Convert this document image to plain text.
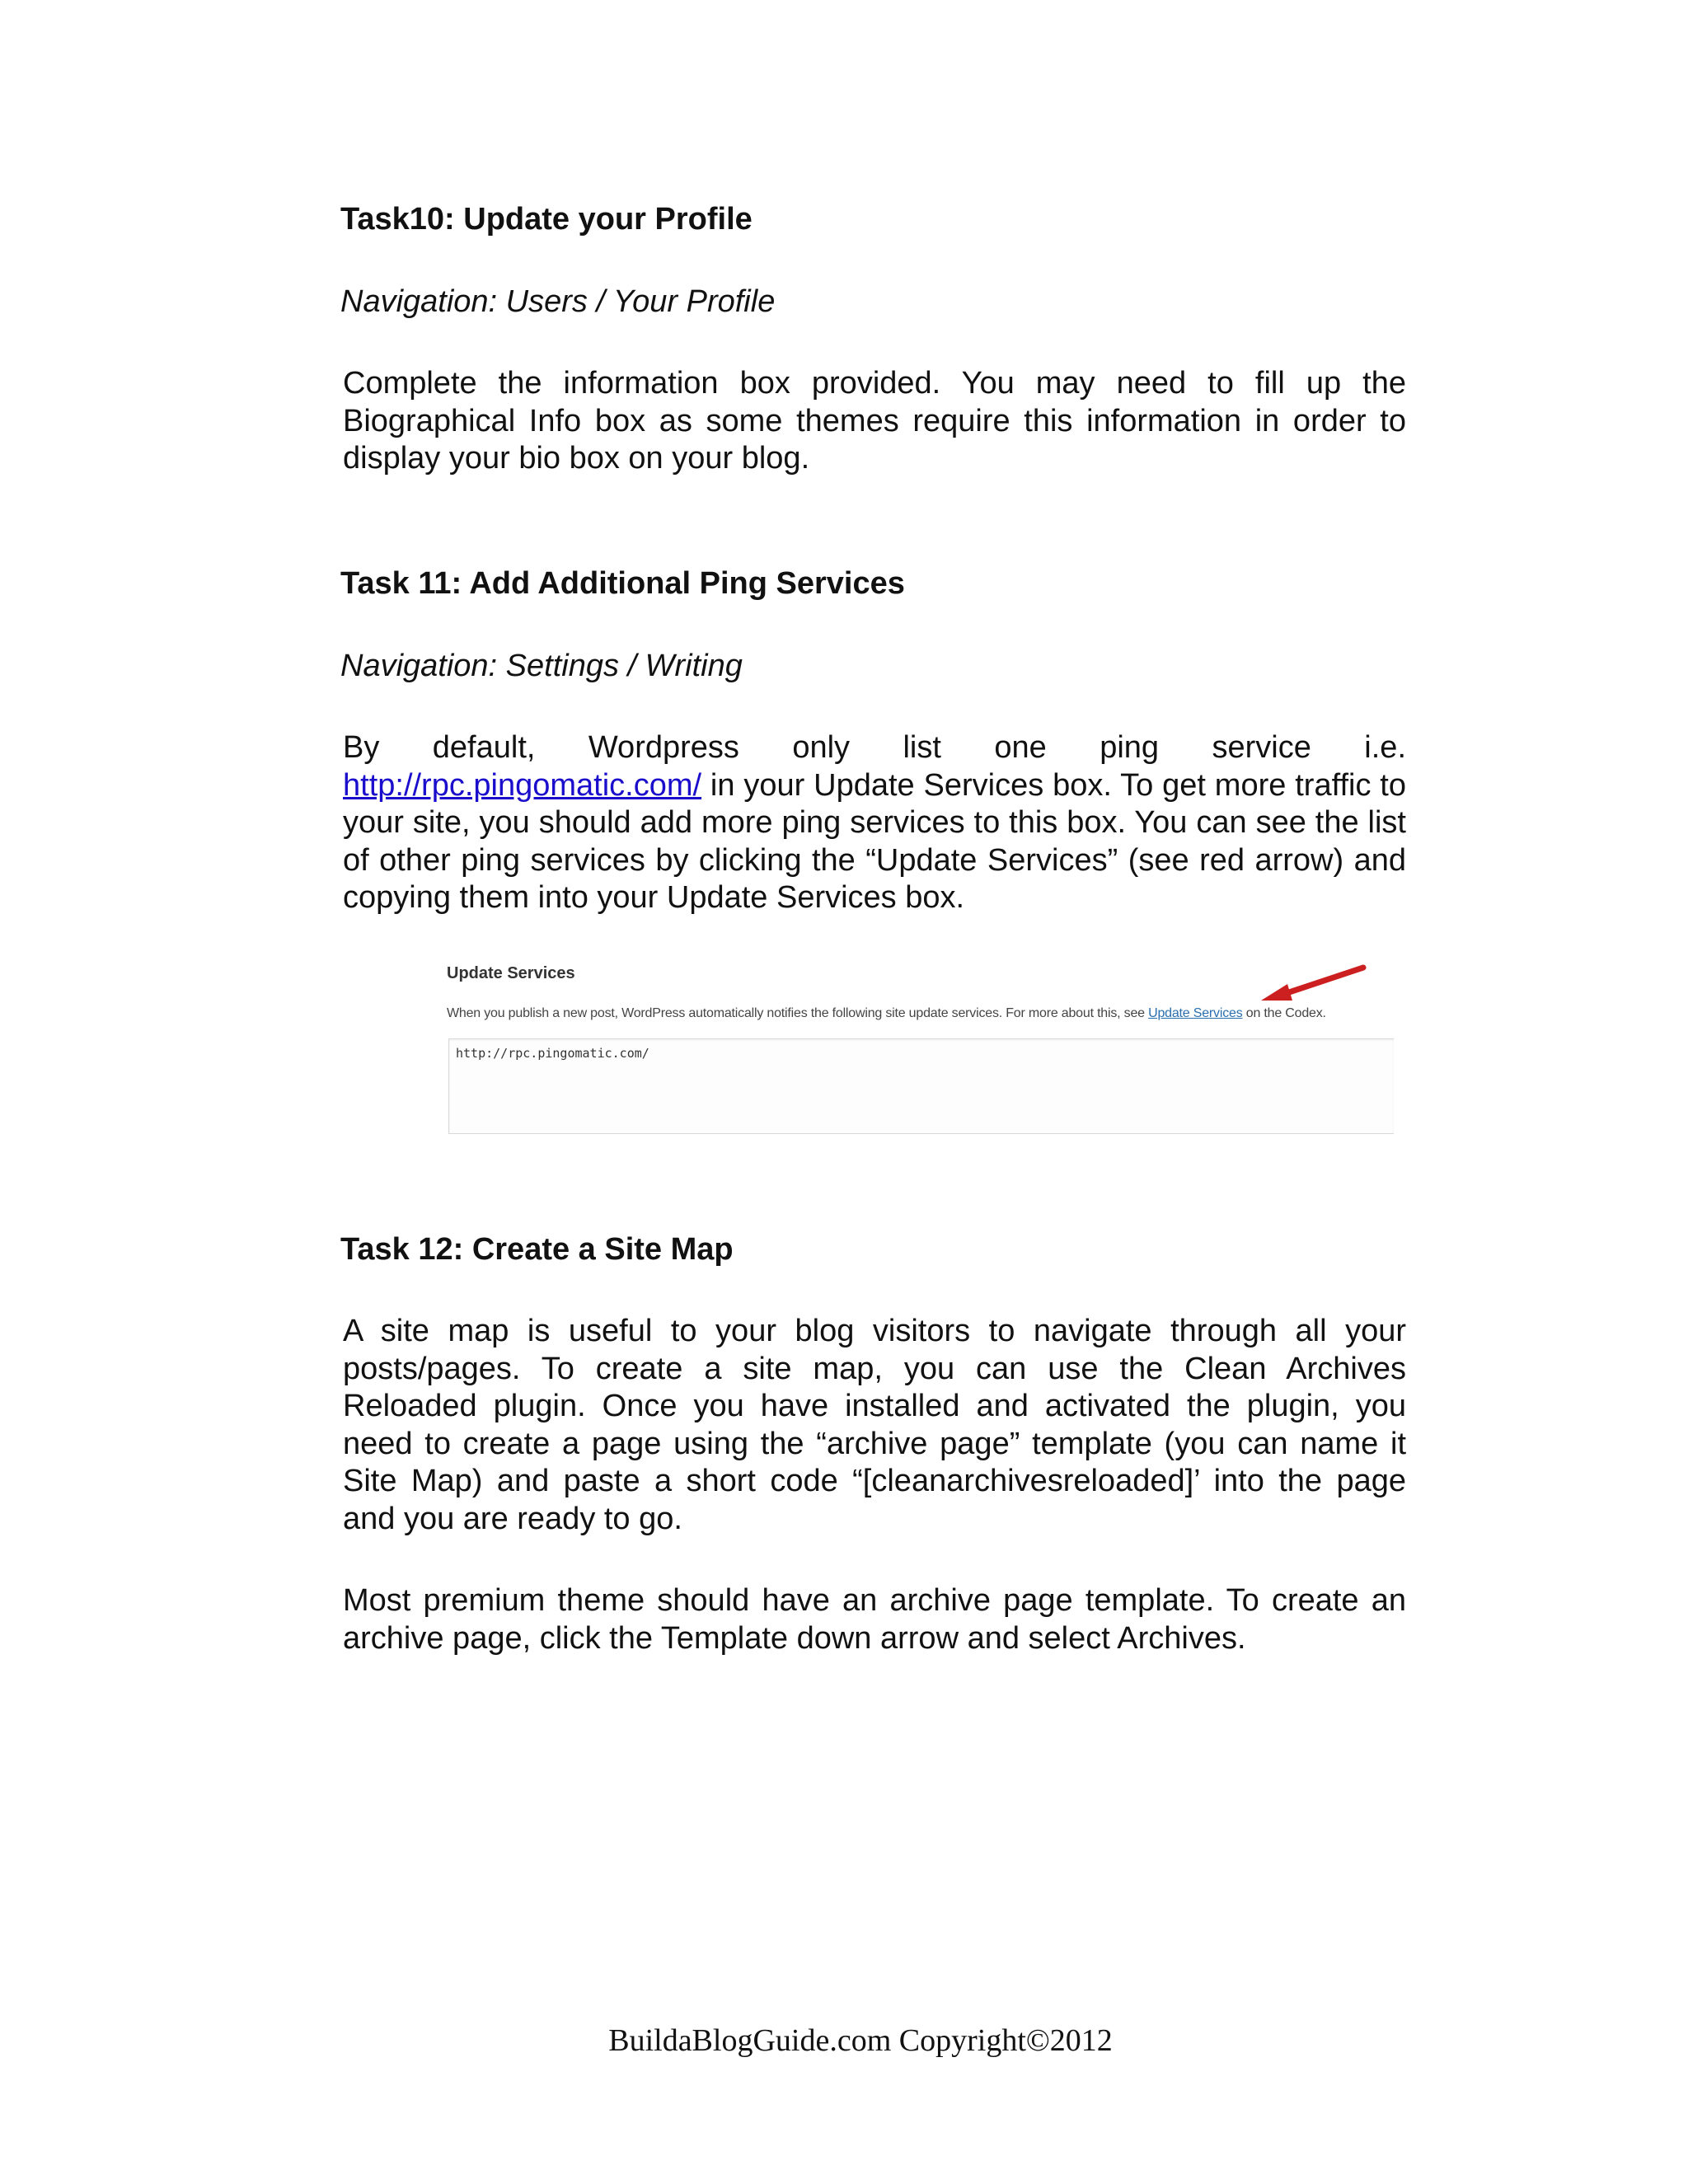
Task10: Update your Profile
Navigation: Users / Your Profile
Complete the information box provided. You may need to fill up the Biographical Info box as some themes require this information in order to display your bio box on your blog.
Task 11: Add Additional Ping Services
Navigation: Settings / Writing
By default, Wordpress only list one ping service i.e. http://rpc.pingomatic.com/ in your Update Services box. To get more traffic to your site, you should add more ping services to this box. You can see the list of other ping services by clicking the “Update Services” (see red arrow) and copying them into your Update Services box.
Update Services
When you publish a new post, WordPress automatically notifies the following site update services. For more about this, see Update Services on the Codex.
http://rpc.pingomatic.com/
Task 12: Create a Site Map
A site map is useful to your blog visitors to navigate through all your posts/pages. To create a site map, you can use the Clean Archives Reloaded plugin. Once you have installed and activated the plugin, you need to create a page using the “archive page” template (you can name it Site Map) and paste a short code “[cleanarchivesreloaded]’ into the page and you are ready to go.
Most premium theme should have an archive page template. To create an archive page, click the Template down arrow and select Archives.
BuildaBlogGuide.com Copyright©2012
